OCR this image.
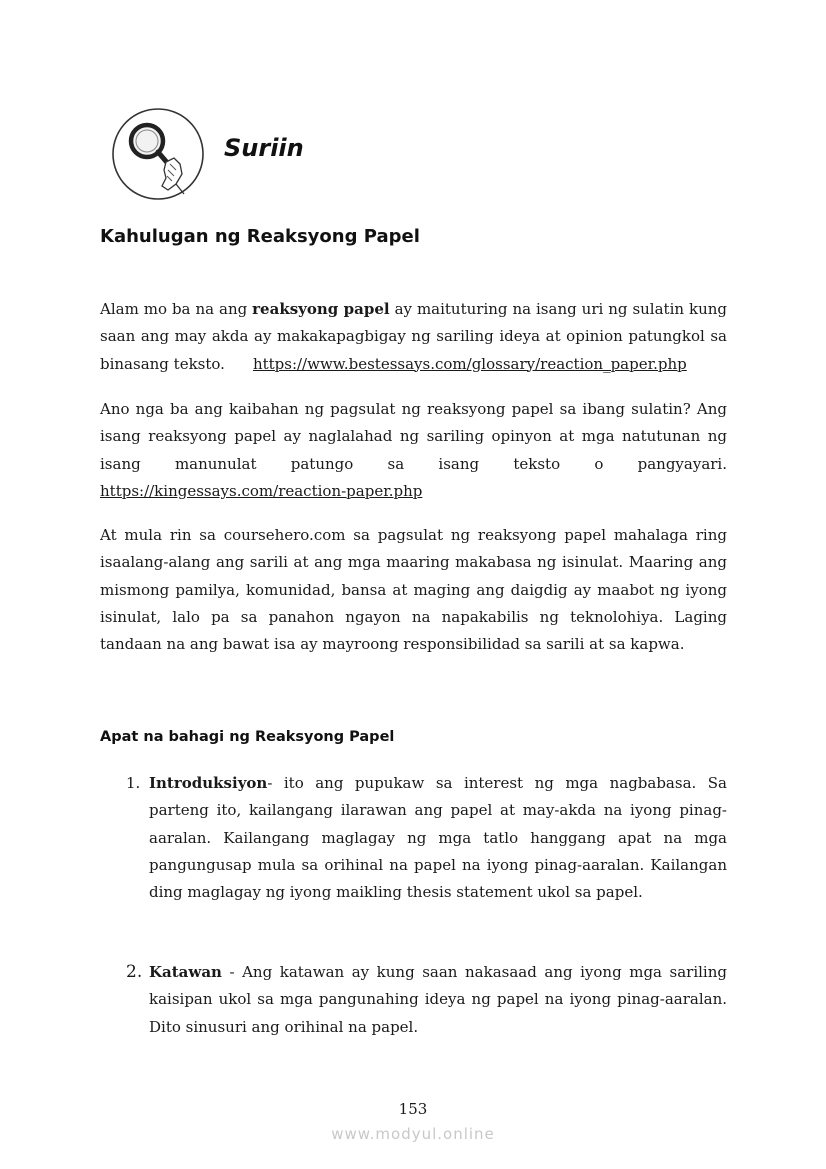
Suriin
Kahulugan ng Reaksyong Papel
Alam mo ba na ang reaksyong papel ay maituturing na isang uri ng sulatin kung saan ang may akda ay makakapagbigay ng sariling ideya at opinion patungkol sa binasang teksto. https://www.bestessays.com/glossary/reaction_paper.php
Ano nga ba ang kaibahan ng pagsulat ng reaksyong papel sa ibang sulatin? Ang isang reaksyong papel ay naglalahad ng sariling opinyon at mga natutunan ng isang manunulat patungo sa isang teksto o pangyayari. https://kingessays.com/reaction-paper.php
At mula rin sa coursehero.com sa pagsulat ng reaksyong papel mahalaga ring isaalang-alang ang sarili at ang mga maaring makabasa ng isinulat. Maaring ang mismong pamilya, komunidad, bansa at maging ang daigdig ay maabot ng iyong isinulat, lalo pa sa panahon ngayon na napakabilis ng teknolohiya. Laging tandaan na ang bawat isa ay mayroong responsibilidad sa sarili at sa kapwa.
Apat na bahagi ng Reaksyong Papel
1. Introduksiyon- ito ang pupukaw sa interest ng mga nagbabasa. Sa parteng ito, kailangang ilarawan ang papel at may-akda na iyong pinag-aaralan. Kailangang maglagay ng mga tatlo hanggang apat na mga pangungusap mula sa orihinal na papel na iyong pinag-aaralan. Kailangan ding maglagay ng iyong maikling thesis statement ukol sa papel.
2. Katawan - Ang katawan ay kung saan nakasaad ang iyong mga sariling kaisipan ukol sa mga pangunahing ideya ng papel na iyong pinag-aaralan. Dito sinusuri ang orihinal na papel.
153
www.modyul.online
